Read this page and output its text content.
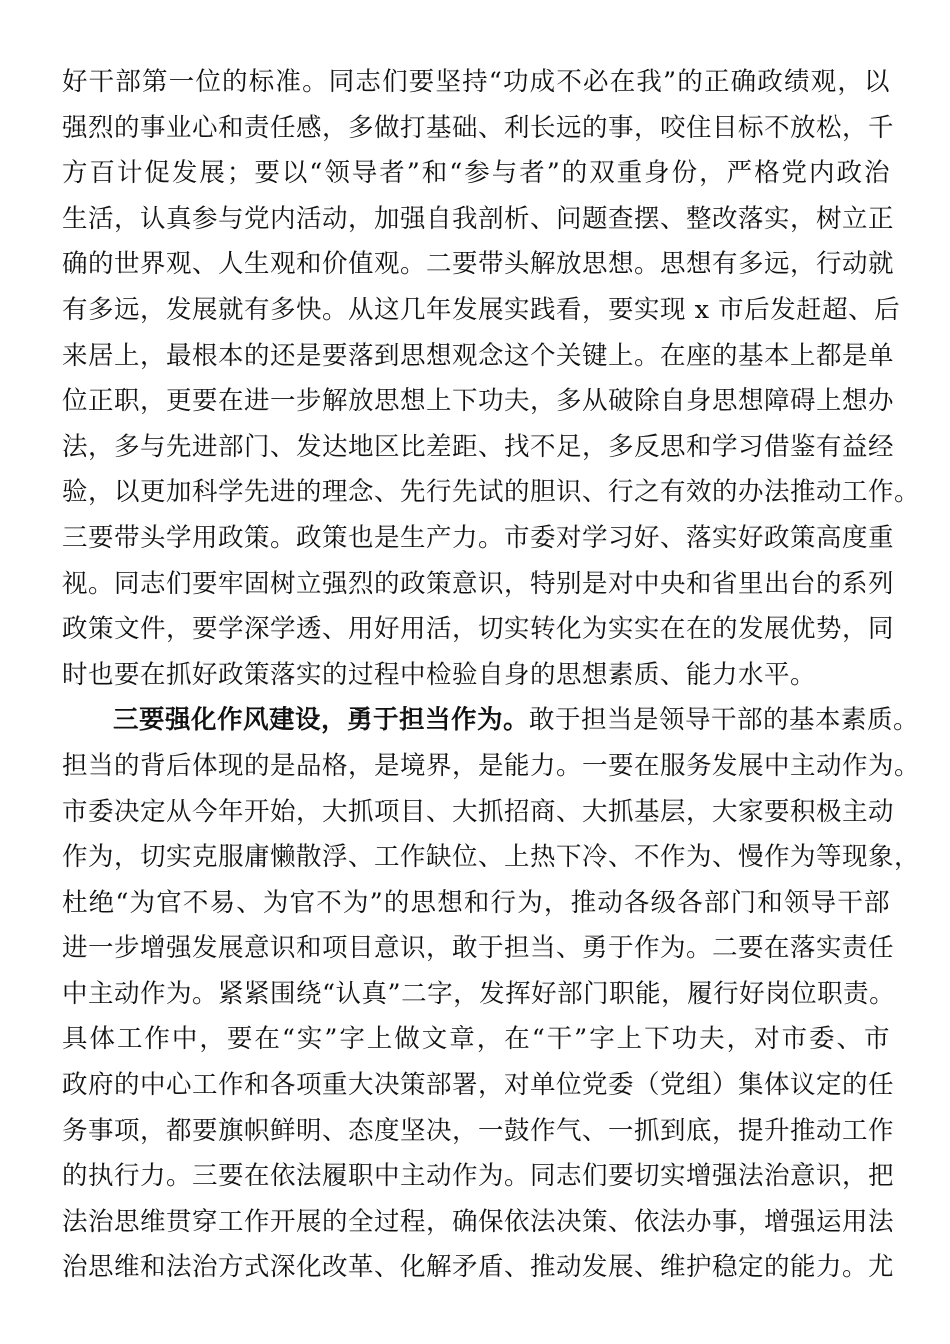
好干部第一位的标准。同志们要坚持“功成不必在我”的正确政绩观，以
强烈的事业心和责任感，多做打基础、利长远的事，咬住目标不放松，千
方百计促发展；要以“领导者”和“参与者”的双重身份，严格党内政治
生活，认真参与党内活动，加强自我剖析、问题查摆、整改落实，树立正
确的世界观、人生观和价值观。二要带头解放思想。思想有多远，行动就
有多远，发展就有多快。从这几年发展实践看，要实现 x 市后发赶超、后
来居上，最根本的还是要落到思想观念这个关键上。在座的基本上都是单
位正职，更要在进一步解放思想上下功夫，多从破除自身思想障碍上想办
法，多与先进部门、发达地区比差距、找不足，多反思和学习借鉴有益经
验，以更加科学先进的理念、先行先试的胆识、行之有效的办法推动工作。
三要带头学用政策。政策也是生产力。市委对学习好、落实好政策高度重
视。同志们要牢固树立强烈的政策意识，特别是对中央和省里出台的系列
政策文件，要学深学透、用好用活，切实转化为实实在在的发展优势，同
时也要在抓好政策落实的过程中检验自身的思想素质、能力水平。
三要强化作风建设，勇于担当作为。敢于担当是领导干部的基本素质。
担当的背后体现的是品格，是境界，是能力。一要在服务发展中主动作为。
市委决定从今年开始，大抓项目、大抓招商、大抓基层，大家要积极主动
作为，切实克服庸懒散浮、工作缺位、上热下冷、不作为、慢作为等现象，
杜绝“为官不易、为官不为”的思想和行为，推动各级各部门和领导干部
进一步增强发展意识和项目意识，敢于担当、勇于作为。二要在落实责任
中主动作为。紧紧围绕“认真”二字，发挥好部门职能，履行好岗位职责。
具体工作中，要在“实”字上做文章，在“干”字上下功夫，对市委、市
政府的中心工作和各项重大决策部署，对单位党委（党组）集体议定的任
务事项，都要旗帜鲜明、态度坚决，一鼓作气、一抓到底，提升推动工作
的执行力。三要在依法履职中主动作为。同志们要切实增强法治意识，把
法治思维贯穿工作开展的全过程，确保依法决策、依法办事，增强运用法
治思维和法治方式深化改革、化解矛盾、推动发展、维护稳定的能力。尤
